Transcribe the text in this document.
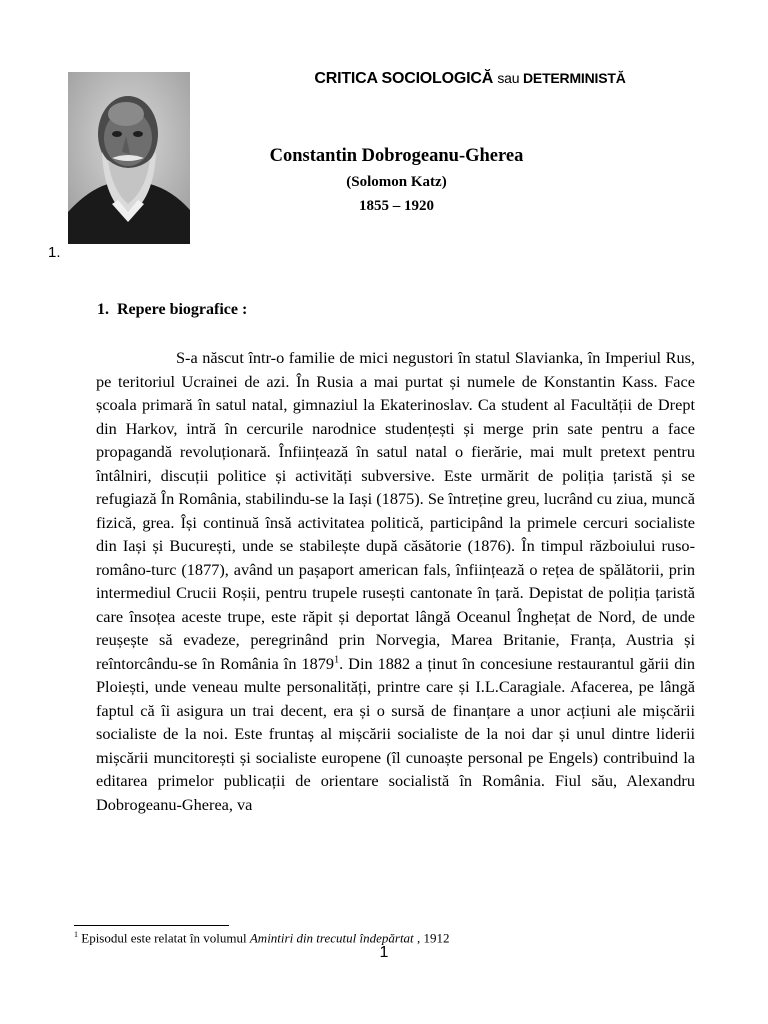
1.
CRITICA SOCIOLOGICĂ sau DETERMINISTĂ
Constantin Dobrogeanu-Gherea
(Solomon Katz)
1855 – 1920
1. Repere biografice :

S-a născut într-o familie de mici negustori în statul Slavianka, în Imperiul Rus, pe teritoriul Ucrainei de azi. În Rusia a mai purtat și numele de Konstantin Kass. Face școala primară în satul natal, gimnaziul la Ekaterinoslav. Ca student al Facultății de Drept din Harkov, intră în cercurile narodnice studențești și merge prin sate pentru a face propagandă revoluționară. Înființează în satul natal o fierărie, mai mult pretext pentru întâlniri, discuții politice și activități subversive. Este urmărit de poliția țaristă și se refugiază În România, stabilindu-se la Iași (1875). Se întreține greu, lucrând cu ziua, muncă fizică, grea. Își continuă însă activitatea politică, participând la primele cercuri socialiste din Iași și București, unde se stabilește după căsătorie (1876). În timpul războiului ruso-româno-turc (1877), având un pașaport american fals, înființează o rețea de spălătorii, prin intermediul Crucii Roșii, pentru trupele rusești cantonate în țară. Depistat de poliția țaristă care însoțea aceste trupe, este răpit și deportat lângă Oceanul Înghețat de Nord, de unde reușește să evadeze, peregrinând prin Norvegia, Marea Britanie, Franța, Austria și reîntorcându-se în România în 1879$^1$. Din 1882 a ținut în concesiune restaurantul gării din Ploiești, unde veneau multe personalități, printre care și I.L.Caragiale. Afacerea, pe lângă faptul că îi asigura un trai decent, era și o sursă de finanțare a unor acțiuni ale mișcării socialiste de la noi. Este fruntaș al mișcării socialiste de la noi dar și unul dintre liderii mișcării muncitorești și socialiste europene (îl cunoaște personal pe Engels) contribuind la editarea primelor publicații de orientare socialistă în România. Fiul său, Alexandru Dobrogeanu-Gherea, va

$^1$ Episodul este relatat în volumul Amintiri din trecutul îndepărtat , 1912
1
